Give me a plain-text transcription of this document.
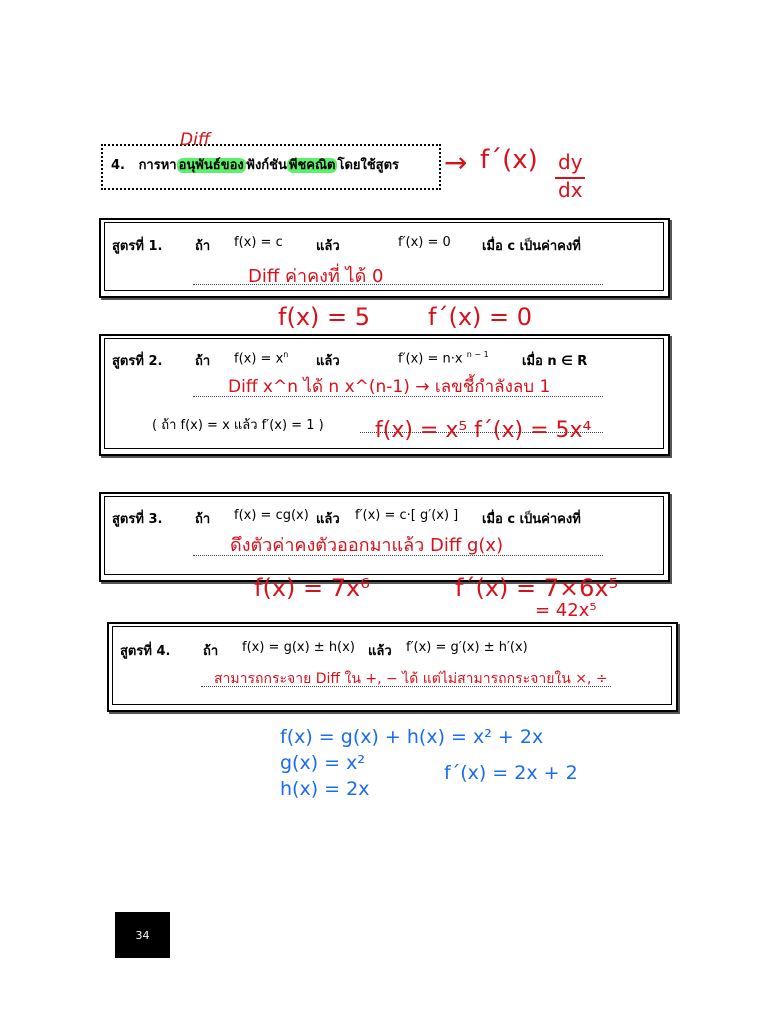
4. การหา อนุพันธ์ของ ฟังก์ชัน พีชคณิต โดยใช้สูตร
Diff
→ f´(x) dy
dx
สูตรที่ 1.	ถ้า f(x) = c	แล้ว	f′(x) = 0 เมื่อ c เป็นค่าคงที่
Diff ค่าคงที่ ได้ 0
f(x) = 5 f´(x) = 0
สูตรที่ 2.	ถ้า $f(x) = x^n$ แล้ว	f′(x) = n·x $^{n - 1}$	เมื่อ n ∈ R
Diff x^n ได้ n x^(n-1) → เลขชี้กำลังลบ 1
( ถ้า f(x) = x แล้ว f′(x) = 1 ) f(x) = x⁵ f´(x) = 5x⁴
สูตรที่ 3.	ถ้า f(x) = cg(x) แล้ว f′(x) = c·[ g′(x) ] เมื่อ c เป็นค่าคงที่
ดึงตัวค่าคงตัวออกมาแล้ว Diff g(x)
f(x) = 7x⁶	f´(x) = 7×6x⁵
= 42x⁵
สูตรที่ 4.	ถ้า f(x) = g(x) ± h(x) แล้ว f′(x) = g′(x) ± h′(x)
สามารถกระจาย Diff ใน +, − ได้ แต่ไม่สามารถกระจายใน ×, ÷
f(x) = g(x) + h(x) = x² + 2x
g(x) = x²
h(x) = 2x
f´(x) = 2x + 2
34
